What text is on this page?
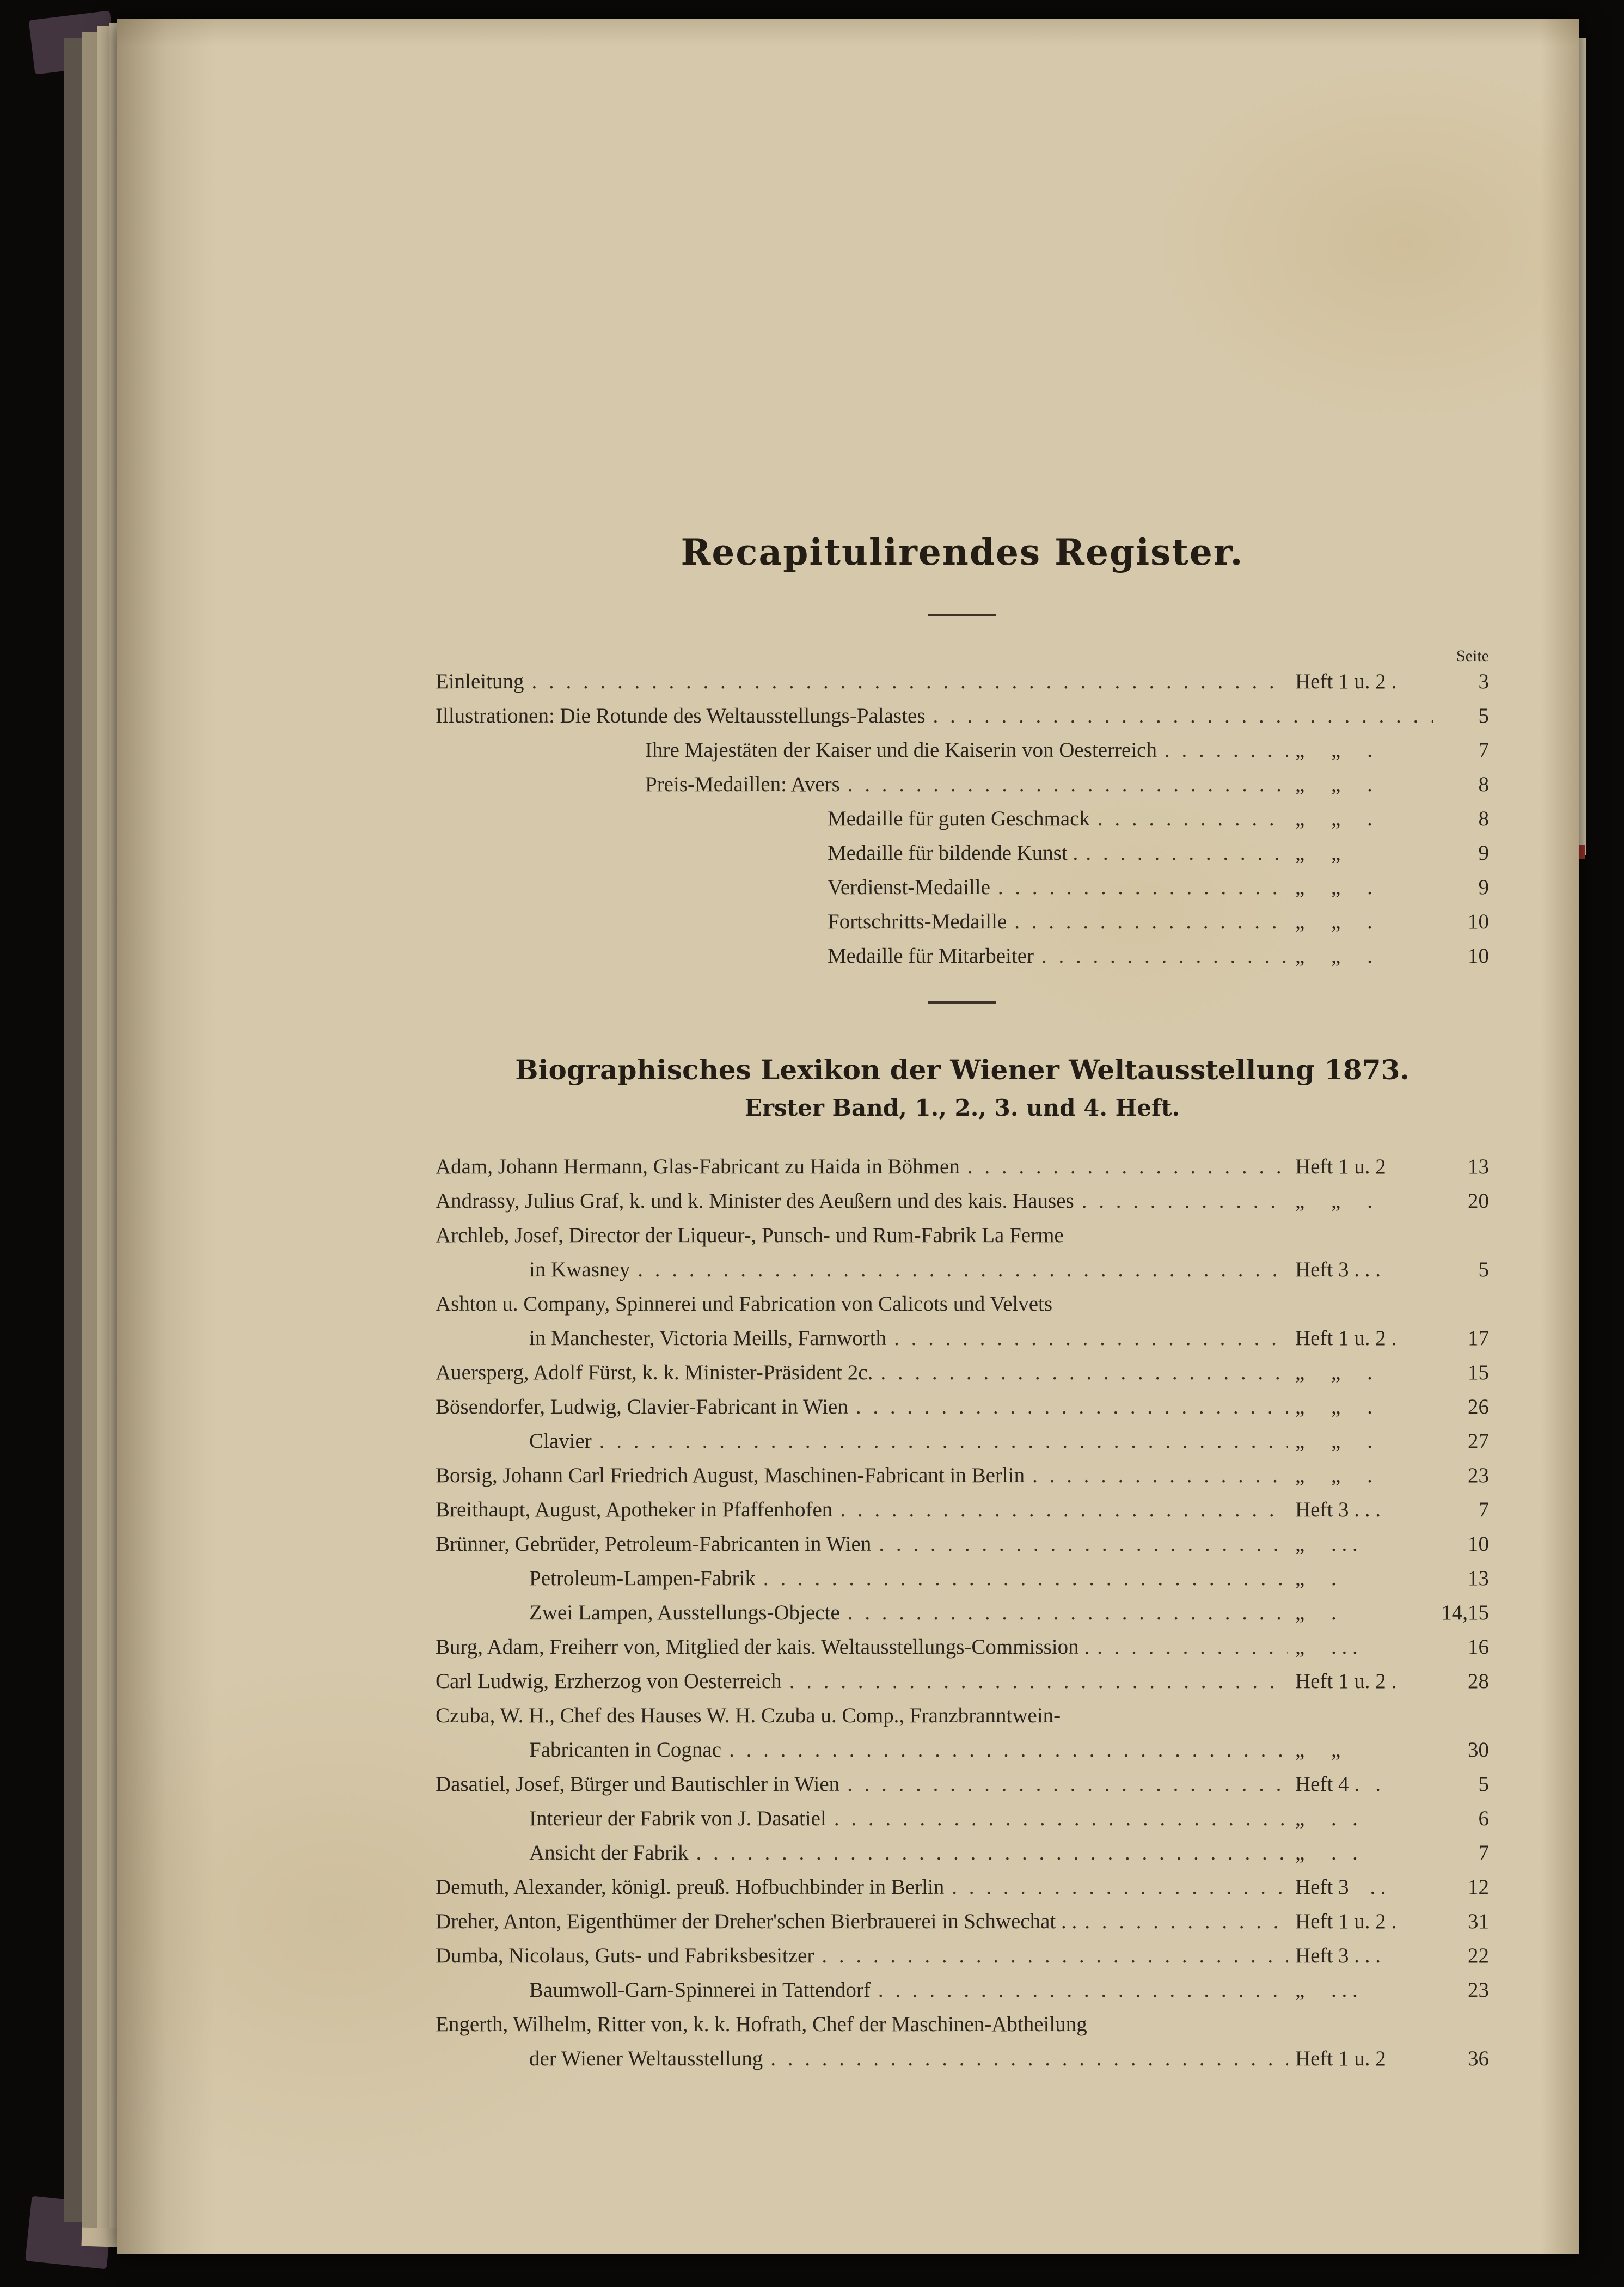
Recapitulirendes Register.
Seite
Einleitung . .	Heft 1 u. 2 .	3
Illustrationen: Die Rotunde des Weltausstellungs-Palastes . .	5
Ihre Majestäten der Kaiser und die Kaiserin von Oesterreich . .	„     „     .	7
Preis-Medaillen: Avers . .	„     „     .	8
Medaille für guten Geschmack . .	„     „     .	8
Medaille für bildende Kunst . . .	„     „	9
Verdienst-Medaille . .	„     „     .	9
Fortschritts-Medaille . .	„     „     .	10
Medaille für Mitarbeiter . .	„     „     .	10
Biographisches Lexikon der Wiener Weltausstellung 1873.
Erster Band, 1., 2., 3. und 4. Heft.
Adam, Johann Hermann, Glas-Fabricant zu Haida in Böhmen . .	Heft 1 u. 2	13
Andrassy, Julius Graf, k. und k. Minister des Aeußern und des kais. Hauses . .	„     „     .	20
Archleb, Josef, Director der Liqueur-, Punsch- und Rum-Fabrik La Ferme
in Kwasney . .	Heft 3 . . .	5
Ashton u. Company, Spinnerei und Fabrication von Calicots und Velvets
in Manchester, Victoria Meills, Farnworth . .	Heft 1 u. 2 .	17
Auersperg, Adolf Fürst, k. k. Minister-Präsident 2c. . .	„     „     .	15
Bösendorfer, Ludwig, Clavier-Fabricant in Wien . .	„     „     .	26
Clavier . .	„     „     .	27
Borsig, Johann Carl Friedrich August, Maschinen-Fabricant in Berlin . .	„     „     .	23
Breithaupt, August, Apotheker in Pfaffenhofen . .	Heft 3 . . .	7
Brünner, Gebrüder, Petroleum-Fabricanten in Wien . .	„     . . .	10
Petroleum-Lampen-Fabrik . .	„     .	13
Zwei Lampen, Ausstellungs-Objecte . .	„     .	14,15
Burg, Adam, Freiherr von, Mitglied der kais. Weltausstellungs-Commission . . .	„     . . .	16
Carl Ludwig, Erzherzog von Oesterreich . .	Heft 1 u. 2 .	28
Czuba, W. H., Chef des Hauses W. H. Czuba u. Comp., Franzbranntwein-
Fabricanten in Cognac . .	„     „	30
Dasatiel, Josef, Bürger und Bautischler in Wien . .	Heft 4 .   .	5
Interieur der Fabrik von J. Dasatiel . .	„     .   .	6
Ansicht der Fabrik . .	„     .   .	7
Demuth, Alexander, königl. preuß. Hofbuchbinder in Berlin . .	Heft 3    . .	12
Dreher, Anton, Eigenthümer der Dreher'schen Bierbrauerei in Schwechat . . . .	Heft 1 u. 2 .	31
Dumba, Nicolaus, Guts- und Fabriksbesitzer . .	Heft 3 . . .	22
Baumwoll-Garn-Spinnerei in Tattendorf . .	„     . . .	23
Engerth, Wilhelm, Ritter von, k. k. Hofrath, Chef der Maschinen-Abtheilung
der Wiener Weltausstellung . .	Heft 1 u. 2	36
